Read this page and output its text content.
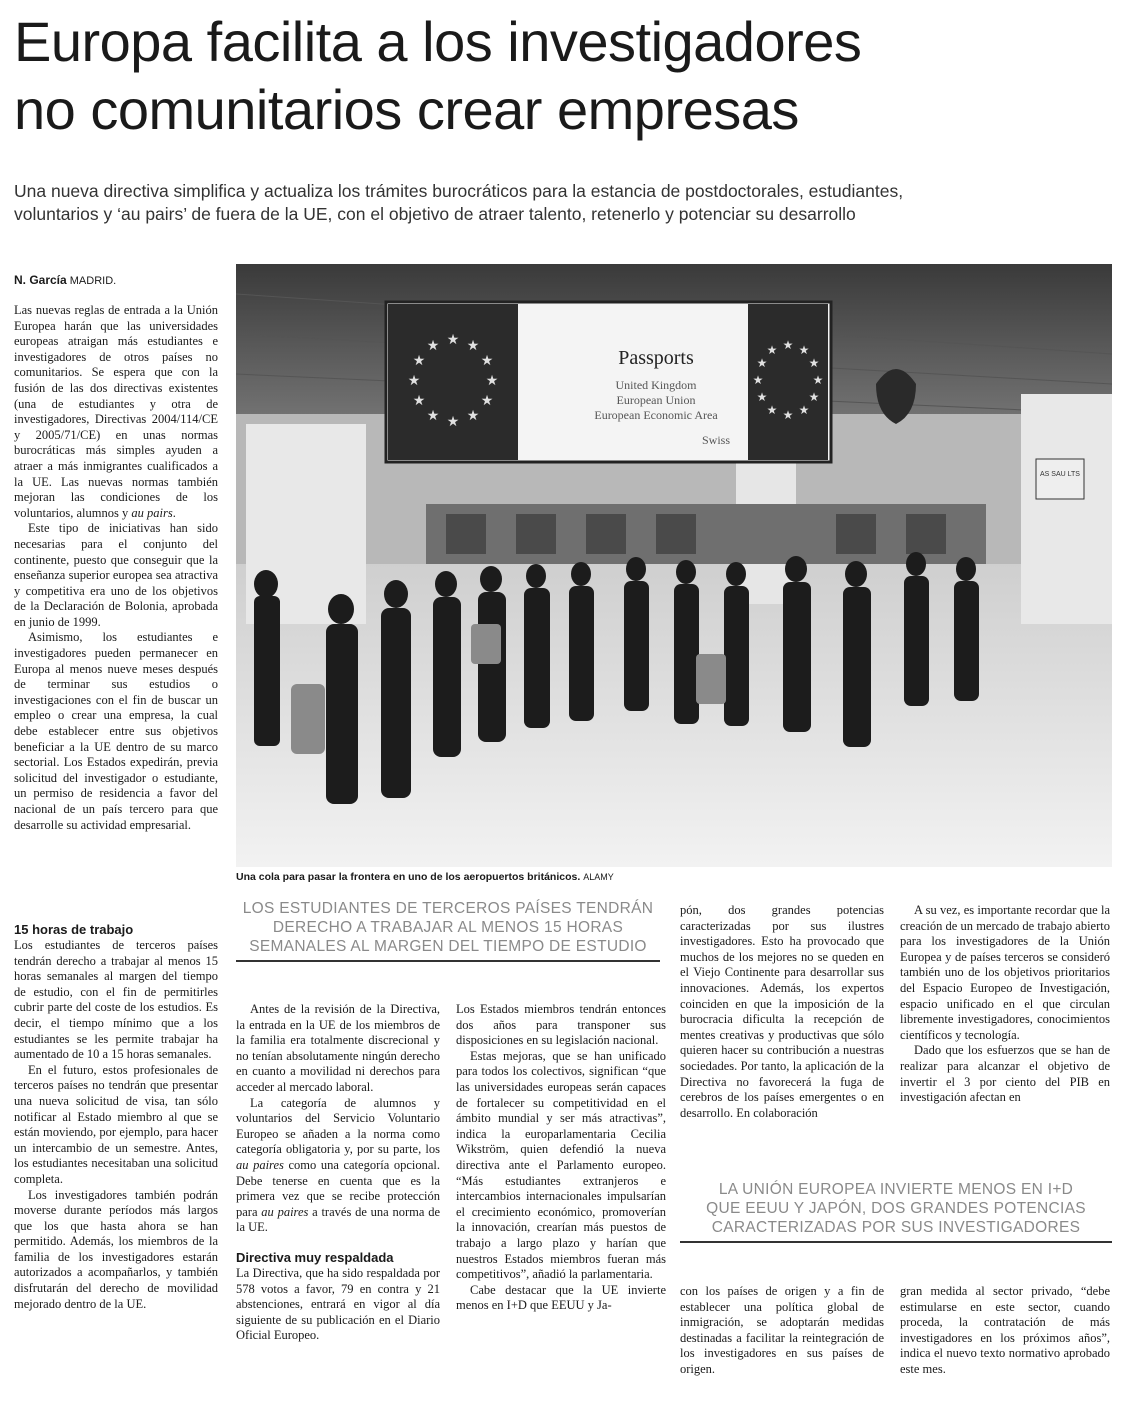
Europa facilita a los investigadores
no comunitarios crear empresas
Una nueva directiva simplifica y actualiza los trámites burocráticos para la estancia de postdoctorales, estudiantes,
voluntarios y ‘au pairs’ de fuera de la UE, con el objetivo de atraer talento, retenerlo y potenciar su desarrollo
N. García MADRID.

Las nuevas reglas de entrada a la Unión Europea harán que las universidades europeas atraigan más estudiantes e investigadores de otros países no comunitarios. Se espera que con la fusión de las dos directivas existentes (una de estudiantes y otra de investigadores, Directivas 2004/114/CE y 2005/71/CE) en unas normas burocráticas más simples ayuden a atraer a más inmigrantes cualificados a la UE. Las nuevas normas también mejoran las condiciones de los voluntarios, alumnos y au pairs.

Este tipo de iniciativas han sido necesarias para el conjunto del continente, puesto que conseguir que la enseñanza superior europea sea atractiva y competitiva era uno de los objetivos de la Declaración de Bolonia, aprobada en junio de 1999.

Asimismo, los estudiantes e investigadores pueden permanecer en Europa al menos nueve meses después de terminar sus estudios o investigaciones con el fin de buscar un empleo o crear una empresa, la cual debe establecer entre sus objetivos beneficiar a la UE dentro de su marco sectorial. Los Estados expedirán, previa solicitud del investigador o estudiante, un permiso de residencia a favor del nacional de un país tercero para que desarrolle su actividad empresarial.

15 horas de trabajo

Los estudiantes de terceros países tendrán derecho a trabajar al menos 15 horas semanales al margen del tiempo de estudio, con el fin de permitirles cubrir parte del coste de los estudios. Es decir, el tiempo mínimo que a los estudiantes se les permite trabajar ha aumentado de 10 a 15 horas semanales.

En el futuro, estos profesionales de terceros países no tendrán que presentar una nueva solicitud de visa, tan sólo notificar al Estado miembro al que se están moviendo, por ejemplo, para hacer un intercambio de un semestre. Antes, los estudiantes necesitaban una solicitud completa.

Los investigadores también podrán moverse durante períodos más largos que los que hasta ahora se han permitido. Además, los miembros de la familia de los investigadores estarán autorizados a acompañarlos, y también disfrutarán del derecho de movilidad mejorado dentro de la UE.

Passports
United Kingdom
European Union
European Economic Area
Swiss
★ ★
★
★
★
★
★
★
★
★
★
★	★ ★
★
★
★
★
★
★
★
★
★
★
AS SAU LTS
Una cola para pasar la frontera en uno de los aeropuertos británicos. ALAMY
LOS ESTUDIANTES DE TERCEROS PAÍSES TENDRÁN
DERECHO A TRABAJAR AL MENOS 15 HORAS
SEMANALES AL MARGEN DEL TIEMPO DE ESTUDIO

Antes de la revisión de la Directiva, la entrada en la UE de los miembros de la familia era totalmente discrecional y no tenían absolutamente ningún derecho en cuanto a movilidad ni derechos para acceder al mercado laboral.

La categoría de alumnos y voluntarios del Servicio Voluntario Europeo se añaden a la norma como categoría obligatoria y, por su parte, los au paires como una categoría opcional. Debe tenerse en cuenta que es la primera vez que se recibe protección para au paires a través de una norma de la UE.

Directiva muy respaldada

La Directiva, que ha sido respaldada por 578 votos a favor, 79 en contra y 21 abstenciones, entrará en vigor al día siguiente de su publicación en el Diario Oficial Europeo.

Los Estados miembros tendrán entonces dos años para transponer sus disposiciones en su legislación nacional.

Estas mejoras, que se han unificado para todos los colectivos, significan “que las universidades europeas serán capaces de fortalecer su competitividad en el ámbito mundial y ser más atractivas”, indica la europarlamentaria Cecilia Wikström, quien defendió la nueva directiva ante el Parlamento europeo. “Más estudiantes extranjeros e intercambios internacionales impulsarían el crecimiento económico, promoverían la innovación, crearían más puestos de trabajo a largo plazo y harían que nuestros Estados miembros fueran más competitivos”, añadió la parlamentaria.

Cabe destacar que la UE invierte menos en I+D que EEUU y Ja-

pón, dos grandes potencias caracterizadas por sus ilustres investigadores. Esto ha provocado que muchos de los mejores no se queden en el Viejo Continente para desarrollar sus innovaciones. Además, los expertos coinciden en que la imposición de la burocracia dificulta la recepción de mentes creativas y productivas que sólo quieren hacer su contribución a nuestras sociedades. Por tanto, la aplicación de la Directiva no favorecerá la fuga de cerebros de los países emergentes o en desarrollo. En colaboración

A su vez, es importante recordar que la creación de un mercado de trabajo abierto para los investigadores de la Unión Europea y de países terceros se consideró también uno de los objetivos prioritarios del Espacio Europeo de Investigación, espacio unificado en el que circulan libremente investigadores, conocimientos científicos y tecnología.

Dado que los esfuerzos que se han de realizar para alcanzar el objetivo de invertir el 3 por ciento del PIB en investigación afectan en

LA UNIÓN EUROPEA INVIERTE MENOS EN I+D
QUE EEUU Y JAPÓN, DOS GRANDES POTENCIAS
CARACTERIZADAS POR SUS INVESTIGADORES

con los países de origen y a fin de establecer una política global de inmigración, se adoptarán medidas destinadas a facilitar la reintegración de los investigadores en sus países de origen.

gran medida al sector privado, “debe estimularse en este sector, cuando proceda, la contratación de más investigadores en los próximos años”, indica el nuevo texto normativo aprobado este mes.
